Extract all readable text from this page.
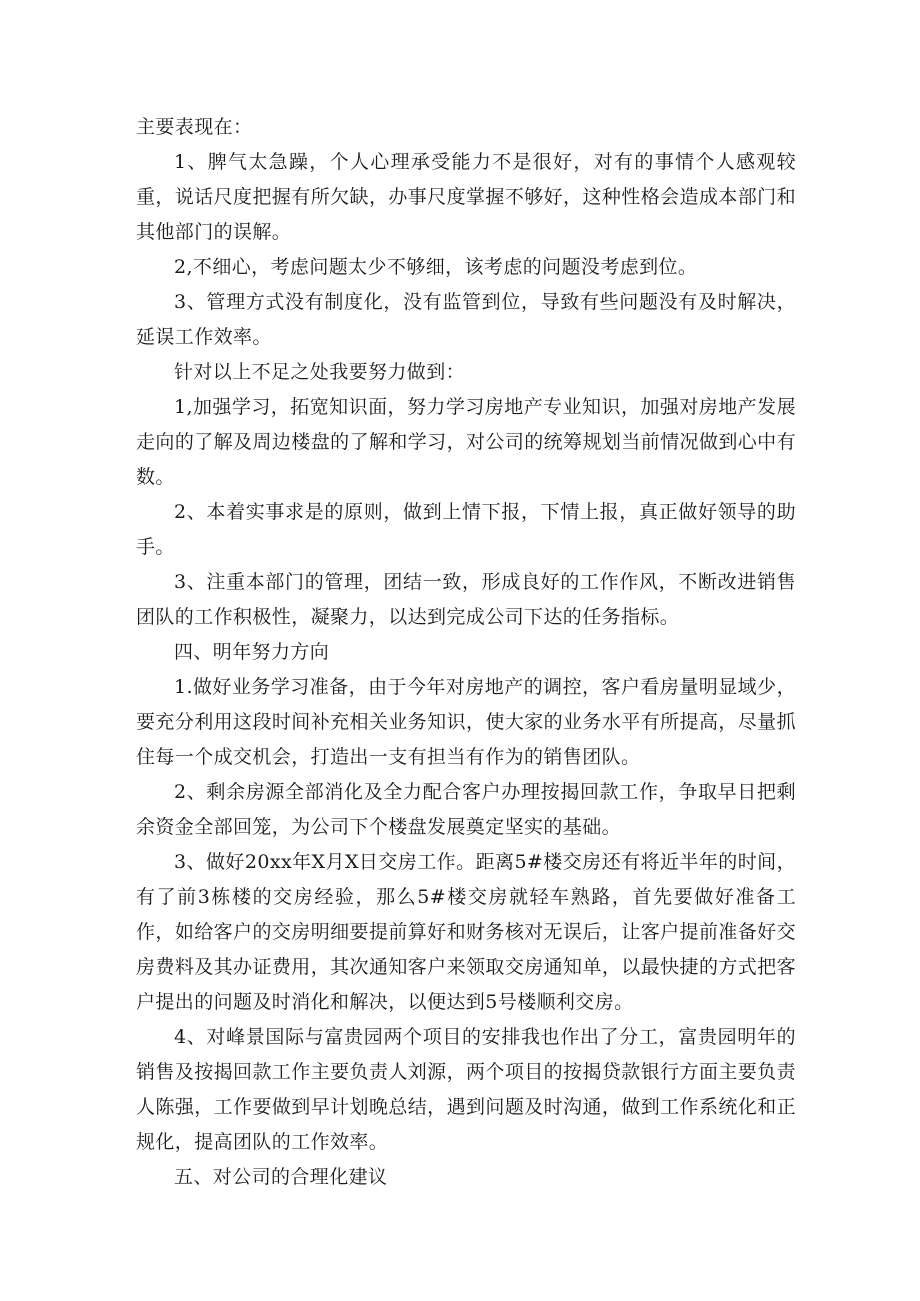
主要表现在：

1、脾气太急躁，个人心理承受能力不是很好，对有的事情个人感观较重，说话尺度把握有所欠缺，办事尺度掌握不够好，这种性格会造成本部门和其他部门的误解。

2,不细心，考虑问题太少不够细，该考虑的问题没考虑到位。

3、管理方式没有制度化，没有监管到位，导致有些问题没有及时解决，延误工作效率。

针对以上不足之处我要努力做到：

1,加强学习，拓宽知识面，努力学习房地产专业知识，加强对房地产发展走向的了解及周边楼盘的了解和学习，对公司的统筹规划当前情况做到心中有数。

2、本着实事求是的原则，做到上情下报，下情上报，真正做好领导的助手。

3、注重本部门的管理，团结一致，形成良好的工作作风，不断改进销售团队的工作积极性，凝聚力，以达到完成公司下达的任务指标。

四、明年努力方向

1.做好业务学习准备，由于今年对房地产的调控，客户看房量明显域少，要充分利用这段时间补充相关业务知识，使大家的业务水平有所提高，尽量抓住每一个成交机会，打造出一支有担当有作为的销售团队。

2、剩余房源全部消化及全力配合客户办理按揭回款工作，争取早日把剩余资金全部回笼，为公司下个楼盘发展奠定坚实的基础。

3、做好20xx年X月X日交房工作。距离5#楼交房还有将近半年的时间，有了前3栋楼的交房经验，那么5#楼交房就轻车熟路，首先要做好准备工作，如给客户的交房明细要提前算好和财务核对无误后，让客户提前准备好交房费料及其办证费用，其次通知客户来领取交房通知单，以最快捷的方式把客户提出的问题及时消化和解决，以便达到5号楼顺利交房。

4、对峰景国际与富贵园两个项目的安排我也作出了分工，富贵园明年的销售及按揭回款工作主要负责人刘源，两个项目的按揭贷款银行方面主要负责人陈强，工作要做到早计划晚总结，遇到问题及时沟通，做到工作系统化和正规化，提高团队的工作效率。

五、对公司的合理化建议
